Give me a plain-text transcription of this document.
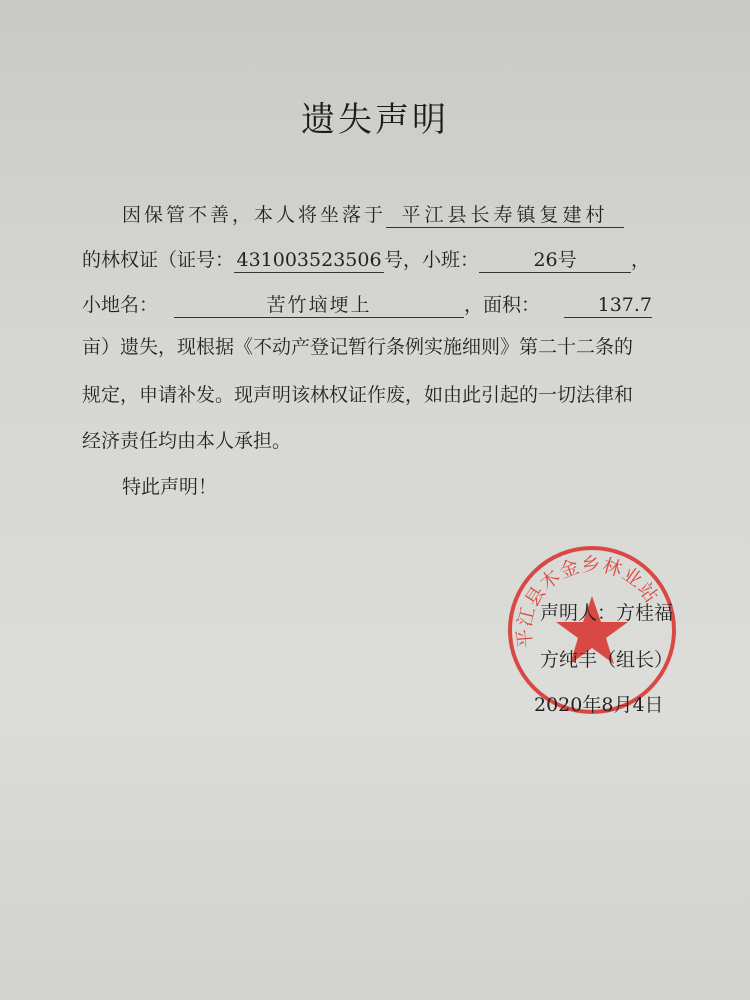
遗失声明
因保管不善，本人将坐落于 平江县长寿镇复建村
的林权证（证号： 431003523506 号，小班：	26号	，
小地名：	苦竹垴埂上	，面积：	137.7
亩）遗失，现根据《不动产登记暂行条例实施细则》第二十二条的
规定，申请补发。现声明该林权证作废，如由此引起的一切法律和
经济责任均由本人承担。
特此声明！
平江县木金乡林业站
声明人：方桂福
方纯丰（组长）
2020年8月4日
